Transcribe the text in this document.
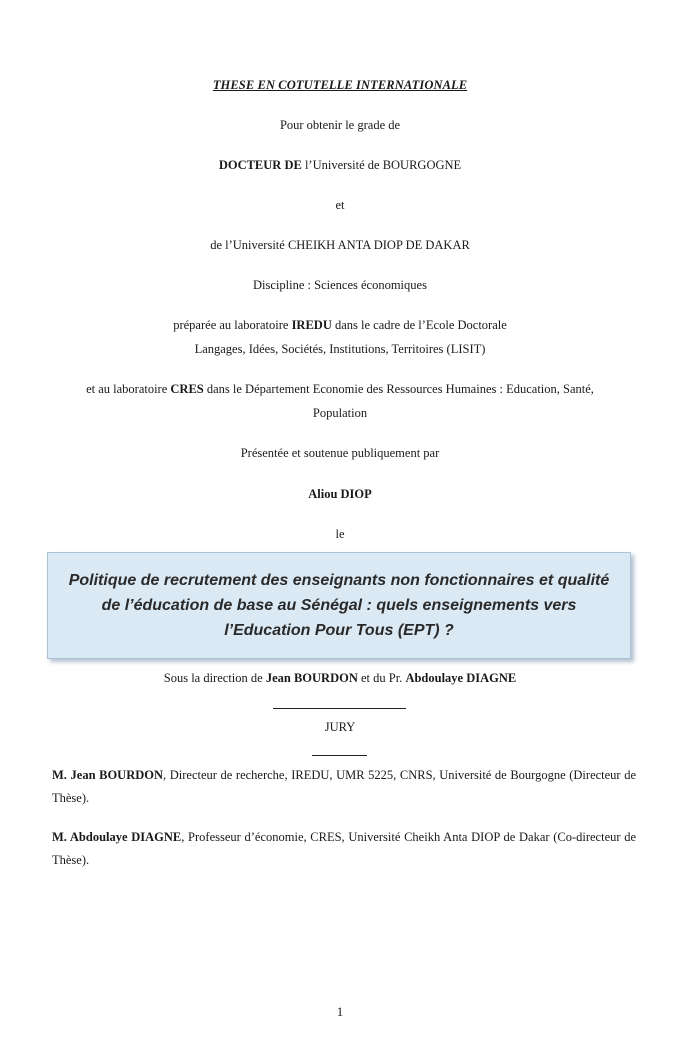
THESE EN COTUTELLE INTERNATIONALE
Pour obtenir le grade de
DOCTEUR DE l’Université de BOURGOGNE
et
de l’Université CHEIKH ANTA DIOP DE DAKAR
Discipline : Sciences économiques
préparée au laboratoire IREDU dans le cadre de l’Ecole Doctorale
Langages, Idées, Sociétés, Institutions, Territoires (LISIT)
et au laboratoire CRES dans le Département Economie des Ressources Humaines : Education, Santé,
Population
Présentée et soutenue publiquement par
Aliou DIOP
le
Politique de recrutement des enseignants non fonctionnaires et qualité
de l’éducation de base au Sénégal : quels enseignements vers
l’Education Pour Tous (EPT) ?
Sous la direction de Jean BOURDON et du Pr. Abdoulaye DIAGNE
JURY
M. Jean BOURDON, Directeur de recherche, IREDU, UMR 5225, CNRS, Université de Bourgogne (Directeur de Thèse).
M. Abdoulaye DIAGNE, Professeur d’économie, CRES, Université Cheikh Anta DIOP de Dakar (Co-directeur de Thèse).
1
